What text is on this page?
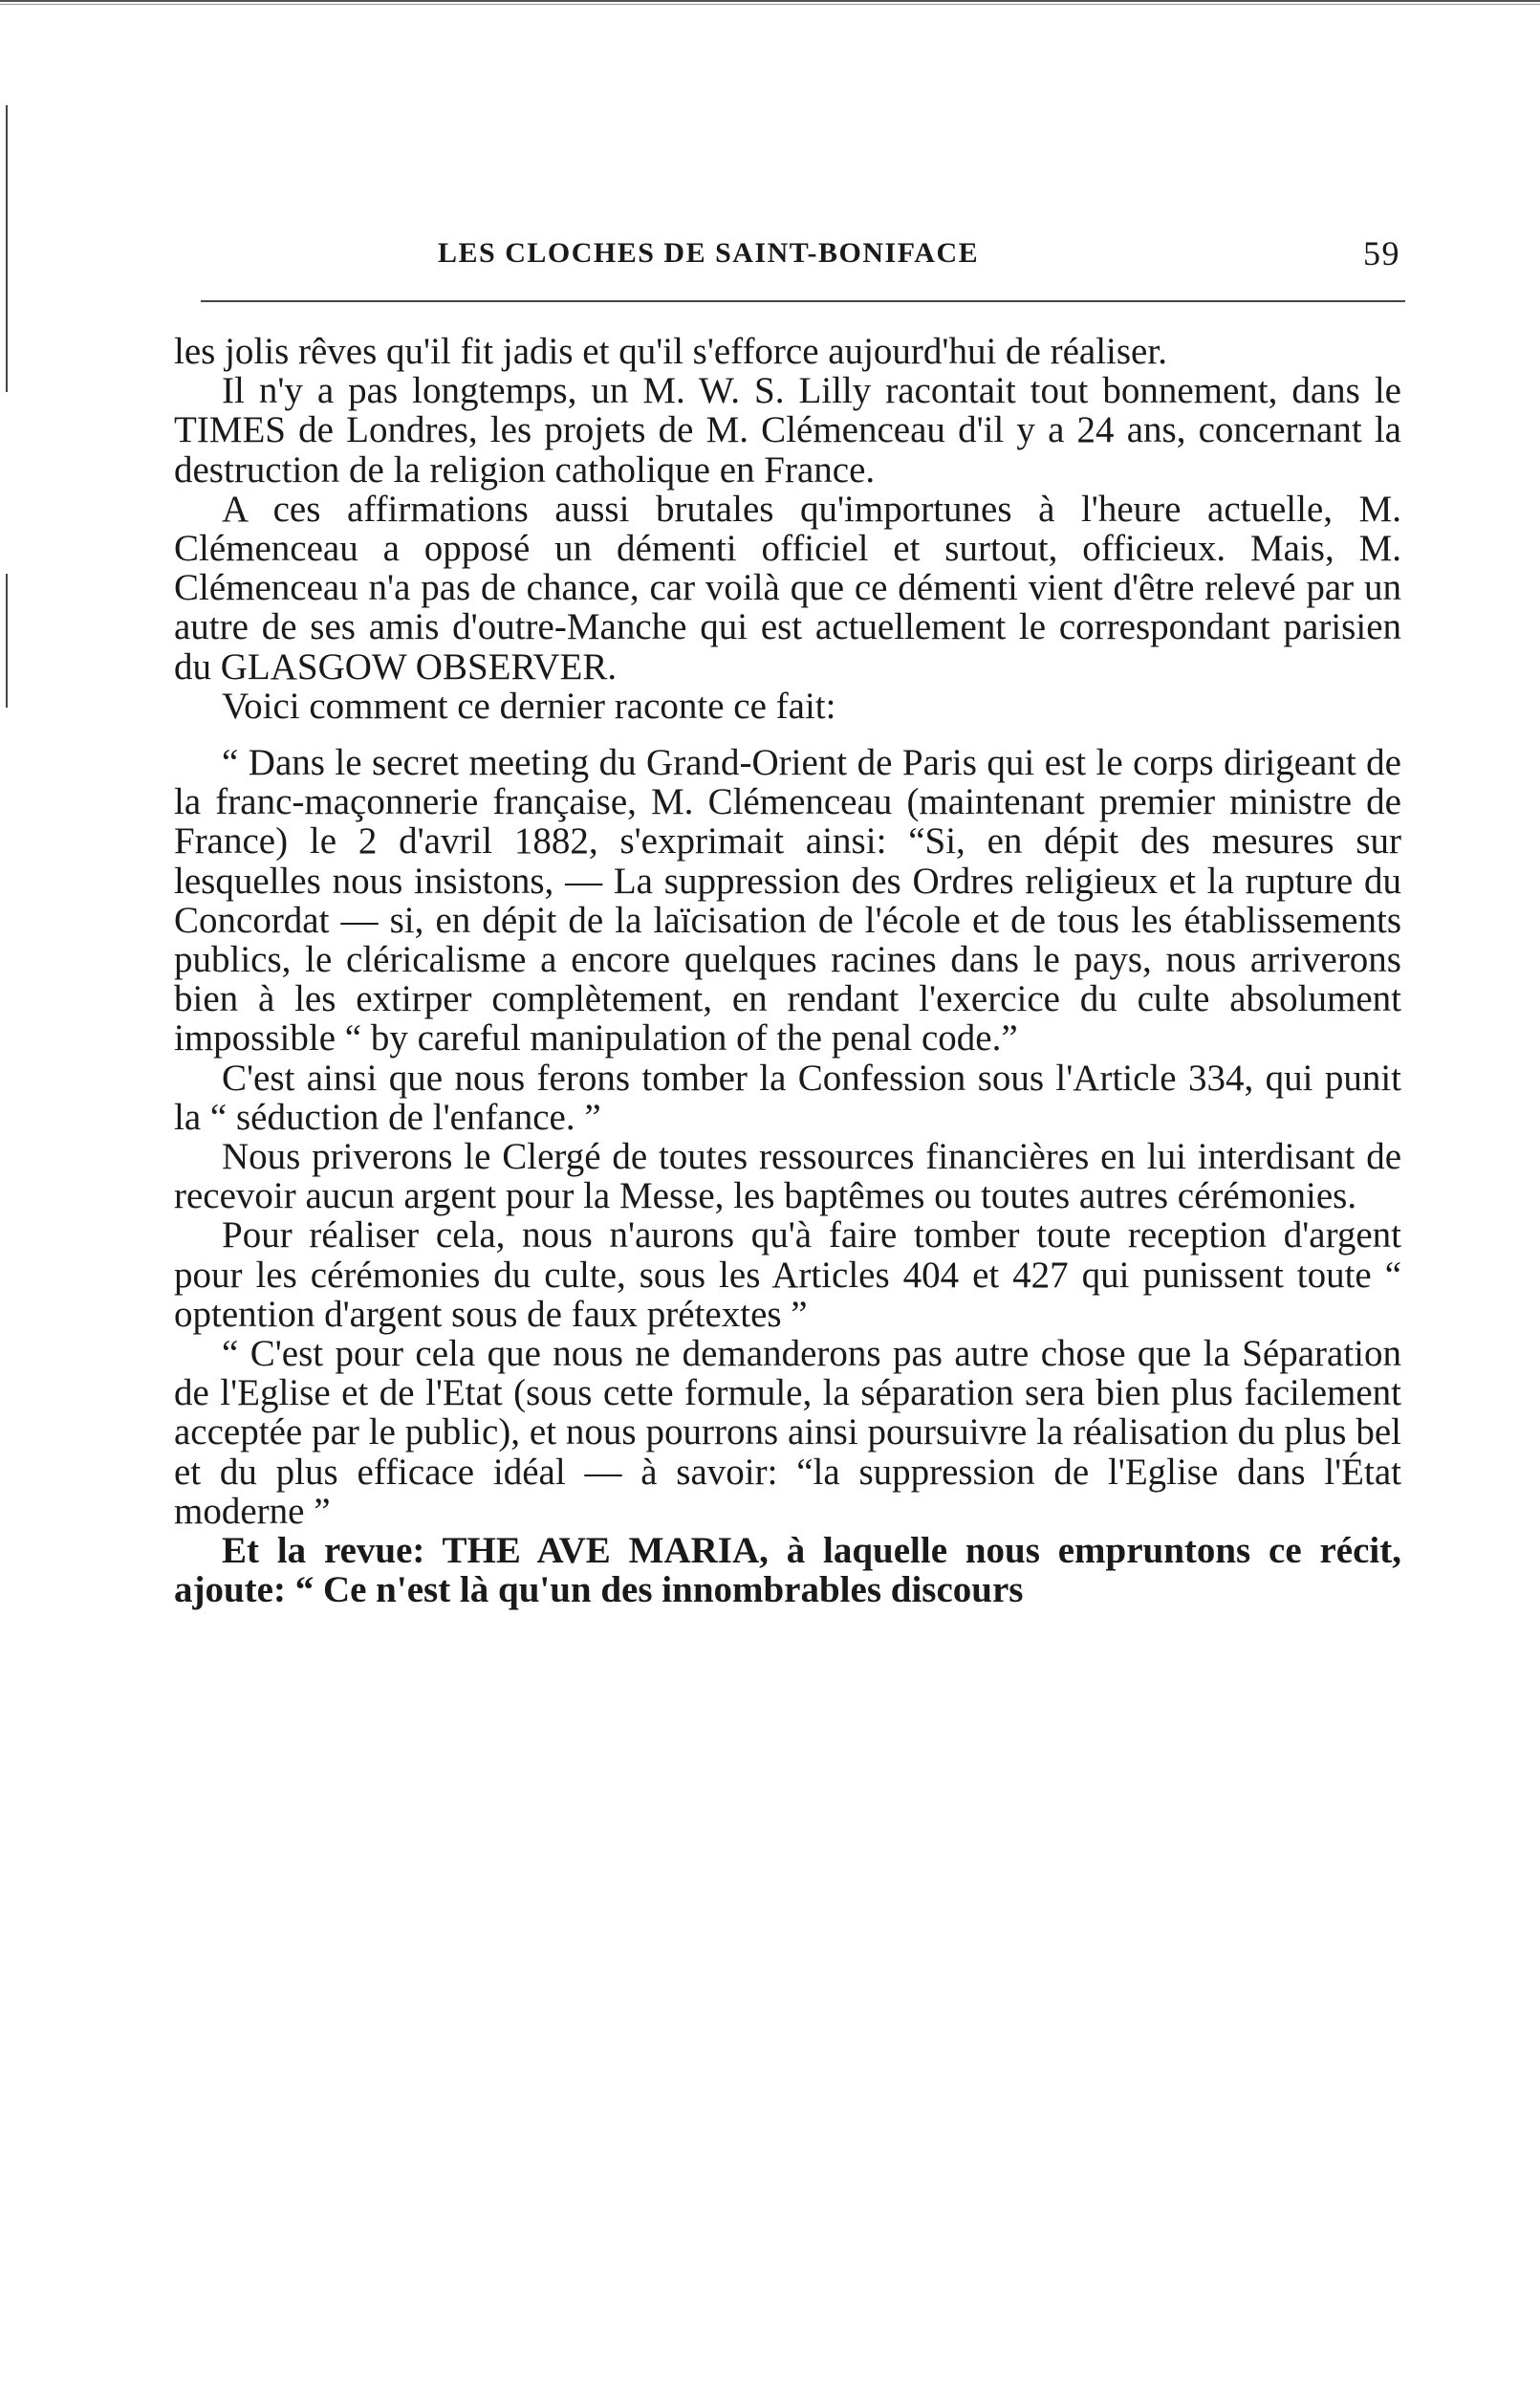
LES CLOCHES DE SAINT-BONIFACE	59

les jolis rêves qu'il fit jadis et qu'il s'efforce aujourd'hui de réaliser.

Il n'y a pas longtemps, un M. W. S. Lilly racontait tout bonnement, dans le TIMES de Londres, les projets de M. Clémenceau d'il y a 24 ans, concernant la destruction de la religion catholique en France.

A ces affirmations aussi brutales qu'importunes à l'heure actuelle, M. Clémenceau a opposé un démenti officiel et surtout, officieux. Mais, M. Clémenceau n'a pas de chance, car voilà que ce démenti vient d'être relevé par un autre de ses amis d'outre-Manche qui est actuellement le correspondant parisien du GLASGOW OBSERVER.

Voici comment ce dernier raconte ce fait:

“ Dans le secret meeting du Grand-Orient de Paris qui est le corps dirigeant de la franc-maçonnerie française, M. Clémenceau (maintenant premier ministre de France) le 2 d'avril 1882, s'exprimait ainsi: “Si, en dépit des mesures sur lesquelles nous insistons, — La suppression des Ordres religieux et la rupture du Concordat — si, en dépit de la laïcisation de l'école et de tous les établissements publics, le cléricalisme a encore quelques racines dans le pays, nous arriverons bien à les extirper complètement, en rendant l'exercice du culte absolument impossible “ by careful manipulation of the penal code.”

C'est ainsi que nous ferons tomber la Confession sous l'Article 334, qui punit la “ séduction de l'enfance. ”

Nous priverons le Clergé de toutes ressources financières en lui interdisant de recevoir aucun argent pour la Messe, les baptêmes ou toutes autres cérémonies.

Pour réaliser cela, nous n'aurons qu'à faire tomber toute reception d'argent pour les cérémonies du culte, sous les Articles 404 et 427 qui punissent toute “ optention d'argent sous de faux prétextes ”

“ C'est pour cela que nous ne demanderons pas autre chose que la Séparation de l'Eglise et de l'Etat (sous cette formule, la séparation sera bien plus facilement acceptée par le public), et nous pourrons ainsi poursuivre la réalisation du plus bel et du plus efficace idéal — à savoir: “la suppression de l'Eglise dans l'État moderne ”

Et la revue: THE AVE MARIA, à laquelle nous empruntons ce récit, ajoute: “ Ce n'est là qu'un des innombrables discours
